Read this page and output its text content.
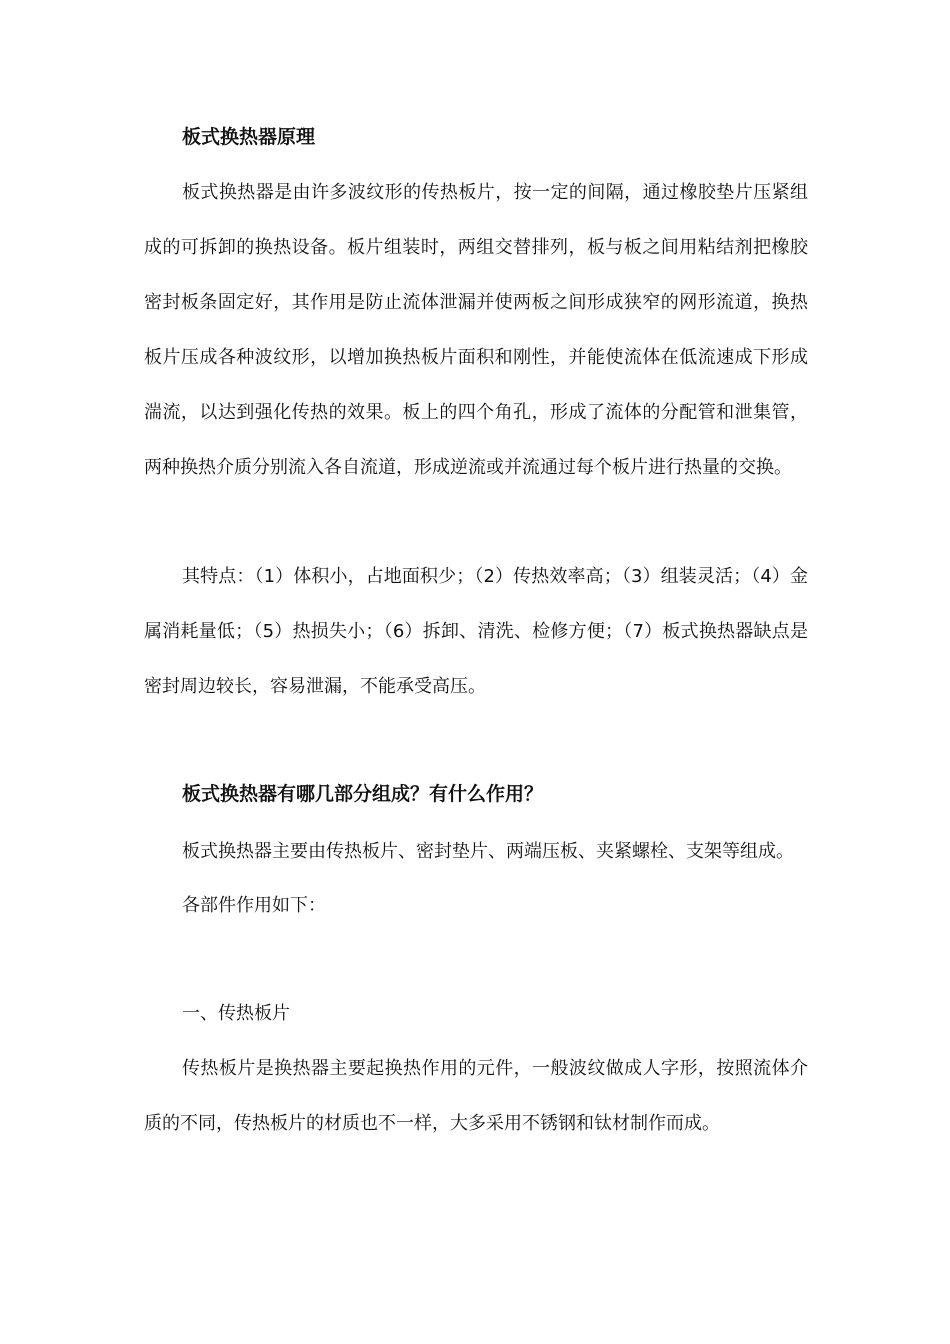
板式换热器原理

板式换热器是由许多波纹形的传热板片，按一定的间隔，通过橡胶垫片压紧组成的可拆卸的换热设备。板片组装时，两组交替排列，板与板之间用粘结剂把橡胶密封板条固定好，其作用是防止流体泄漏并使两板之间形成狭窄的网形流道，换热板片压成各种波纹形，以增加换热板片面积和刚性，并能使流体在低流速成下形成湍流，以达到强化传热的效果。板上的四个角孔，形成了流体的分配管和泄集管，两种换热介质分别流入各自流道，形成逆流或并流通过每个板片进行热量的交换。

其特点：（1）体积小，占地面积少；（2）传热效率高；（3）组装灵活；（4）金属消耗量低；（5）热损失小；（6）拆卸、清洗、检修方便；（7）板式换热器缺点是密封周边较长，容易泄漏，不能承受高压。

板式换热器有哪几部分组成？有什么作用？
板式换热器主要由传热板片、密封垫片、两端压板、夹紧螺栓、支架等组成。
各部件作用如下：
一、传热板片

传热板片是换热器主要起换热作用的元件，一般波纹做成人字形，按照流体介质的不同，传热板片的材质也不一样，大多采用不锈钢和钛材制作而成。
